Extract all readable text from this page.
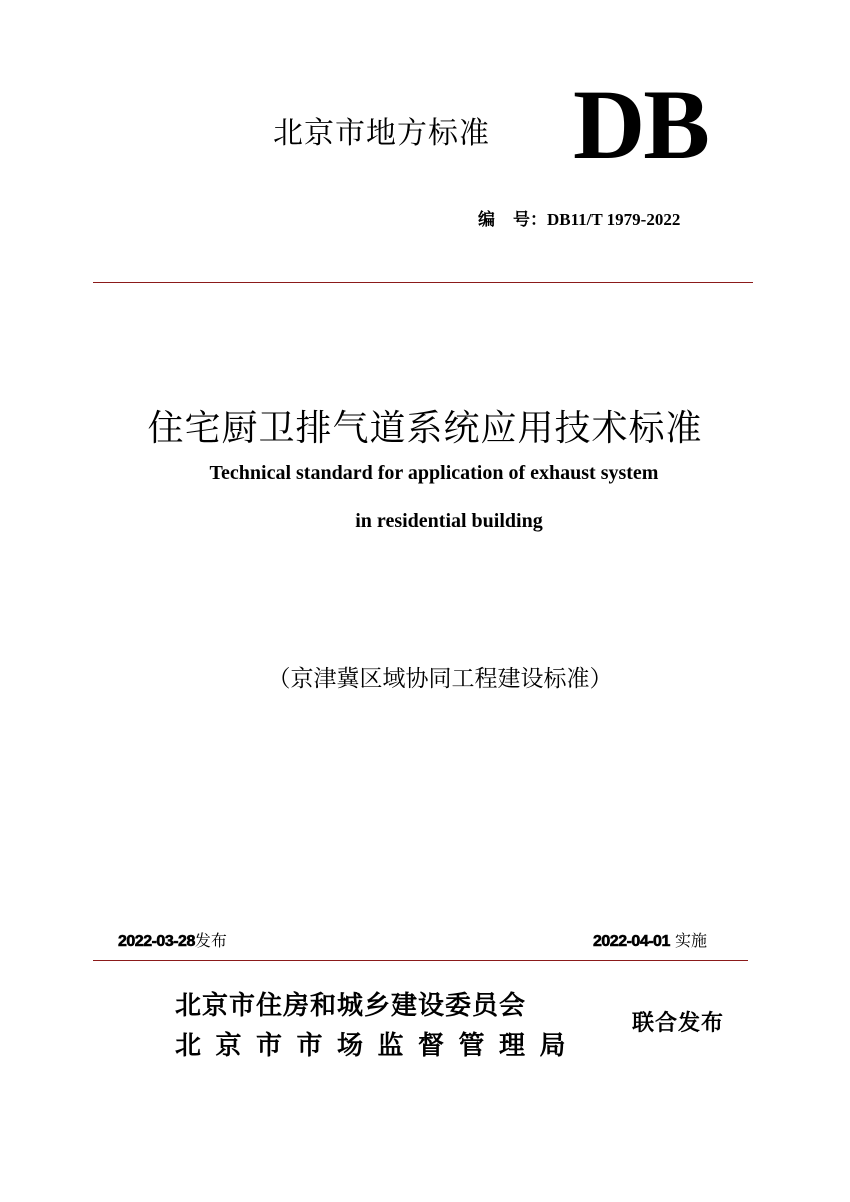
北京市地方标准 DB
编 号：DB11/T 1979-2022
住宅厨卫排气道系统应用技术标准
Technical standard for application of exhaust system
in residential building
（京津冀区域协同工程建设标准）
2022-03-28发布	2022-04-01 实施
北京市住房和城乡建设委员会
北京市市场监督管理局
联合发布
